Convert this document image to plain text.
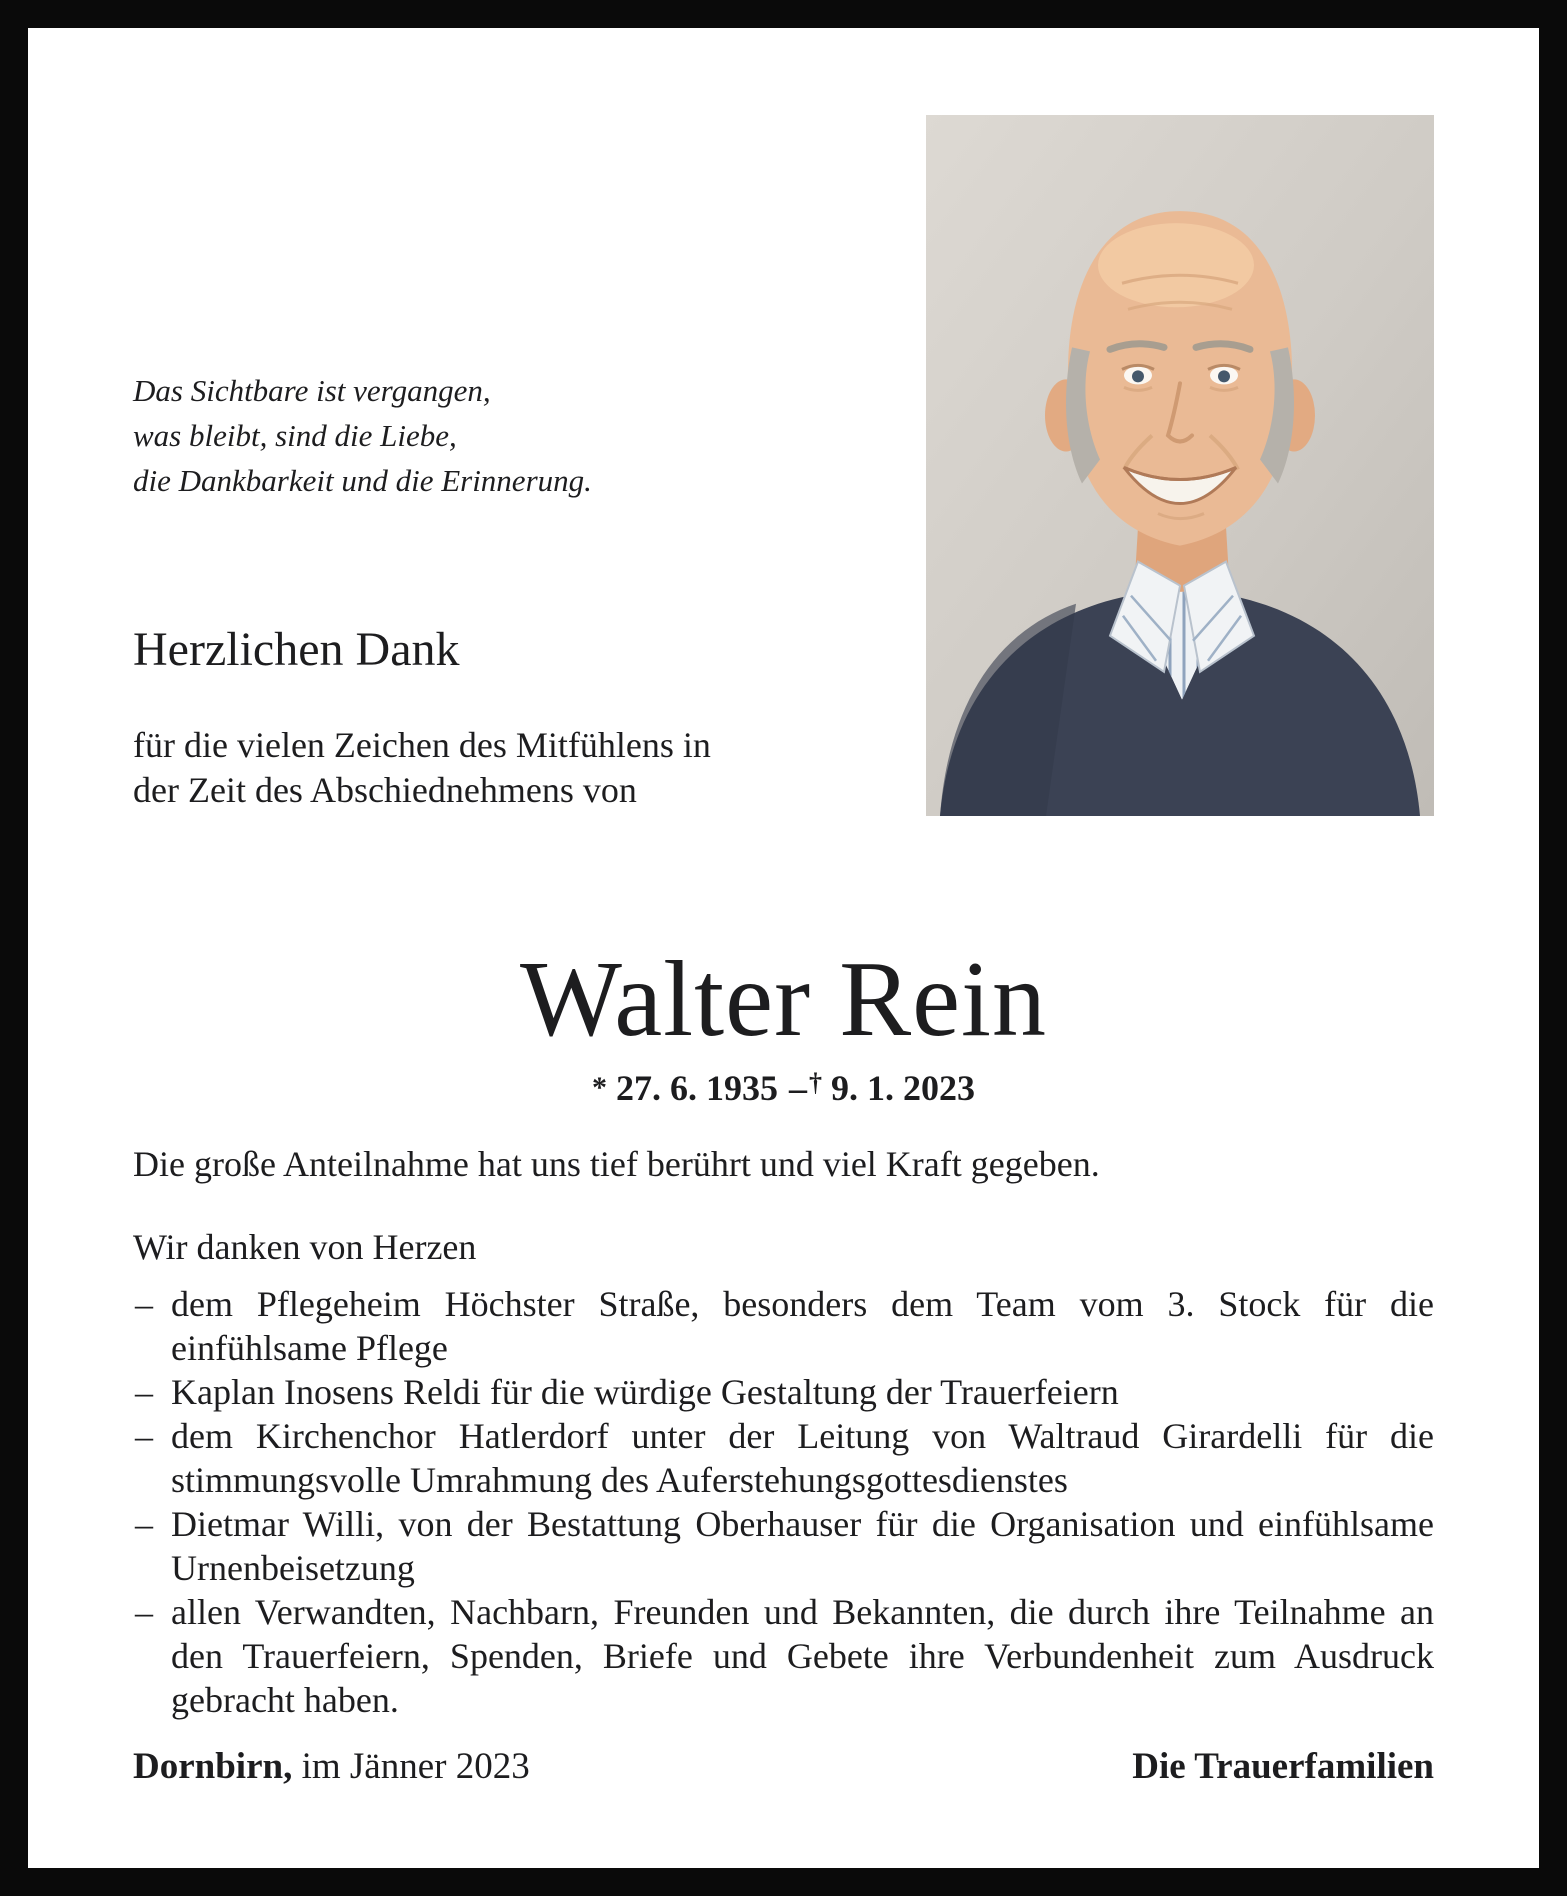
Das Sichtbare ist vergangen,
was bleibt, sind die Liebe,
die Dankbarkeit und die Erinnerung.
Herzlichen Dank
für die vielen Zeichen des Mitfühlens in
der Zeit des Abschiednehmens von
Walter Rein
* 27. 6. 1935 –† 9. 1. 2023

Die große Anteilnahme hat uns tief berührt und viel Kraft gegeben.

Wir danken von Herzen

– dem Pflegeheim Höchster Straße, besonders dem Team vom 3. Stock für die einfühlsame Pflege
– Kaplan Inosens Reldi für die würdige Gestaltung der Trauerfeiern
– dem Kirchenchor Hatlerdorf unter der Leitung von Waltraud Girardelli für die stimmungsvolle Umrahmung des Auferstehungsgottesdienstes
– Dietmar Willi, von der Bestattung Oberhauser für die Organisation und einfühlsame Urnenbeisetzung
– allen Verwandten, Nachbarn, Freunden und Bekannten, die durch ihre Teilnahme an den Trauerfeiern, Spenden, Briefe und Gebete ihre Verbundenheit zum Ausdruck gebracht haben.
Dornbirn, im Jänner 2023	Die Trauerfamilien
